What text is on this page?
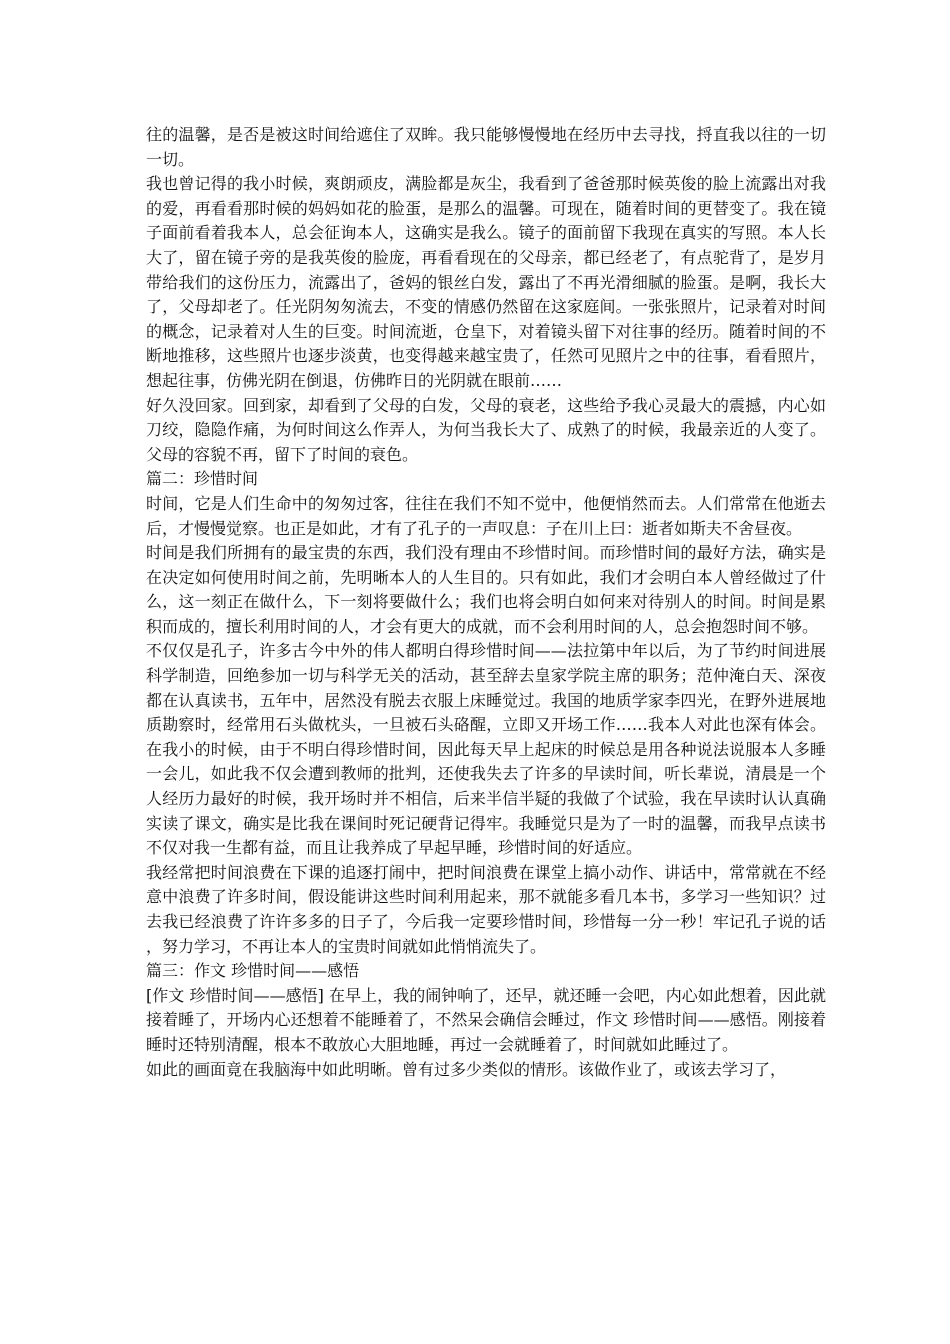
往的温馨，是否是被这时间给遮住了双眸。我只能够慢慢地在经历中去寻找，捋直我以往的一切一切。

我也曾记得的我小时候，爽朗顽皮，满脸都是灰尘，我看到了爸爸那时候英俊的脸上流露出对我的爱，再看看那时候的妈妈如花的脸蛋，是那么的温馨。可现在，随着时间的更替变了。我在镜子面前看着我本人，总会征询本人，这确实是我么。镜子的面前留下我现在真实的写照。本人长大了，留在镜子旁的是我英俊的脸庞，再看看现在的父母亲，都已经老了，有点驼背了，是岁月带给我们的这份压力，流露出了，爸妈的银丝白发，露出了不再光滑细腻的脸蛋。是啊，我长大了，父母却老了。任光阴匆匆流去，不变的情感仍然留在这家庭间。一张张照片，记录着对时间的概念，记录着对人生的巨变。时间流逝，仓皇下，对着镜头留下对往事的经历。随着时间的不断地推移，这些照片也逐步淡黄，也变得越来越宝贵了，任然可见照片之中的往事，看看照片，想起往事，仿佛光阴在倒退，仿佛昨日的光阴就在眼前……

好久没回家。回到家，却看到了父母的白发，父母的衰老，这些给予我心灵最大的震撼，内心如刀绞，隐隐作痛，为何时间这么作弄人，为何当我长大了、成熟了的时候，我最亲近的人变了。父母的容貌不再，留下了时间的衰色。

篇二：珍惜时间

时间，它是人们生命中的匆匆过客，往往在我们不知不觉中，他便悄然而去。人们常常在他逝去后，才慢慢觉察。也正是如此，才有了孔子的一声叹息：子在川上曰：逝者如斯夫不舍昼夜。

时间是我们所拥有的最宝贵的东西，我们没有理由不珍惜时间。而珍惜时间的最好方法，确实是在决定如何使用时间之前，先明晰本人的人生目的。只有如此，我们才会明白本人曾经做过了什么，这一刻正在做什么，下一刻将要做什么；我们也将会明白如何来对待别人的时间。时间是累积而成的，擅长利用时间的人，才会有更大的成就，而不会利用时间的人，总会抱怨时间不够。

不仅仅是孔子，许多古今中外的伟人都明白得珍惜时间——法拉第中年以后，为了节约时间进展科学制造，回绝参加一切与科学无关的活动，甚至辞去皇家学院主席的职务；范仲淹白天、深夜都在认真读书，五年中，居然没有脱去衣服上床睡觉过。我国的地质学家李四光，在野外进展地质勘察时，经常用石头做枕头，一旦被石头硌醒，立即又开场工作……我本人对此也深有体会。在我小的时候，由于不明白得珍惜时间，因此每天早上起床的时候总是用各种说法说服本人多睡一会儿，如此我不仅会遭到教师的批判，还使我失去了许多的早读时间，听长辈说，清晨是一个人经历力最好的时候，我开场时并不相信，后来半信半疑的我做了个试验，我在早读时认认真确实读了课文，确实是比我在课间时死记硬背记得牢。我睡觉只是为了一时的温馨，而我早点读书不仅对我一生都有益，而且让我养成了早起早睡，珍惜时间的好适应。

我经常把时间浪费在下课的追逐打闹中，把时间浪费在课堂上搞小动作、讲话中，常常就在不经意中浪费了许多时间，假设能讲这些时间利用起来，那不就能多看几本书，多学习一些知识？过去我已经浪费了许许多多的日子了，今后我一定要珍惜时间，珍惜每一分一秒！牢记孔子说的话，努力学习，不再让本人的宝贵时间就如此悄悄流失了。

篇三：作文 珍惜时间——感悟

[作文 珍惜时间——感悟] 在早上，我的闹钟响了，还早，就还睡一会吧，内心如此想着，因此就接着睡了，开场内心还想着不能睡着了，不然呆会确信会睡过，作文 珍惜时间——感悟。刚接着睡时还特别清醒，根本不敢放心大胆地睡，再过一会就睡着了，时间就如此睡过了。

如此的画面竟在我脑海中如此明晰。曾有过多少类似的情形。该做作业了，或该去学习了，
